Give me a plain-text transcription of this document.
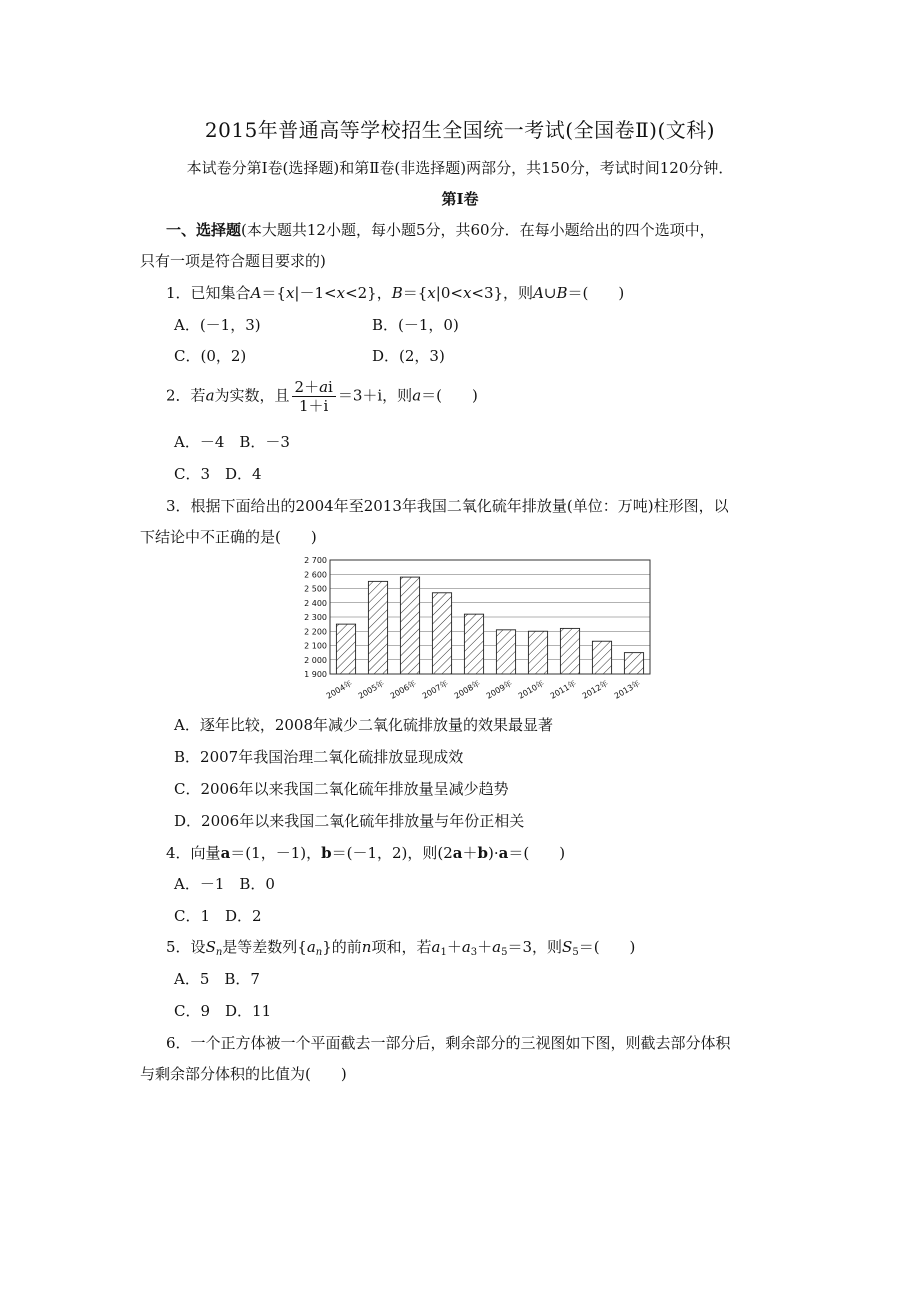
2015年普通高等学校招生全国统一考试(全国卷Ⅱ)(文科)
本试卷分第Ⅰ卷(选择题)和第Ⅱ卷(非选择题)两部分，共150分，考试时间120分钟．
第Ⅰ卷
一、选择题(本大题共12小题，每小题5分，共60分．在每小题给出的四个选项中，
只有一项是符合题目要求的)
1．已知集合A＝{x|－1<x<2}，B＝{x|0<x<3}，则A∪B＝(　　)
A．(－1，3)	B．(－1，0)
C．(0，2)	D．(2，3)
2．若a为实数，且 $\frac{2+ai}{1+i} =3+i$，则a＝(　　)
A．－4　B．－3
C．3　D．4
3．根据下面给出的2004年至2013年我国二氧化硫年排放量(单位：万吨)柱形图，以
下结论中不正确的是(　　)
1 900
2 000
2 100
2 200
2 300
2 400
2 500
2 600
2 700
2004年 2005年 2006年 2007年 2008年 2009年 2010年 2011年 2012年 2013年
A．逐年比较，2008年减少二氧化硫排放量的效果最显著
B．2007年我国治理二氧化硫排放显现成效
C．2006年以来我国二氧化硫年排放量呈减少趋势
D．2006年以来我国二氧化硫年排放量与年份正相关
4．向量a＝(1，－1)，b＝(－1，2)，则(2a＋b)·a＝(　　)
A．－1　B．0
C．1　D．2
5．设$S_n$是等差数列$\{a_n\}$的前n项和，若$a_1+a_3+a_5=3$，则$S_5=$(　　)
A．5　B．7
C．9　D．11
6．一个正方体被一个平面截去一部分后，剩余部分的三视图如下图，则截去部分体积
与剩余部分体积的比值为(　　)
